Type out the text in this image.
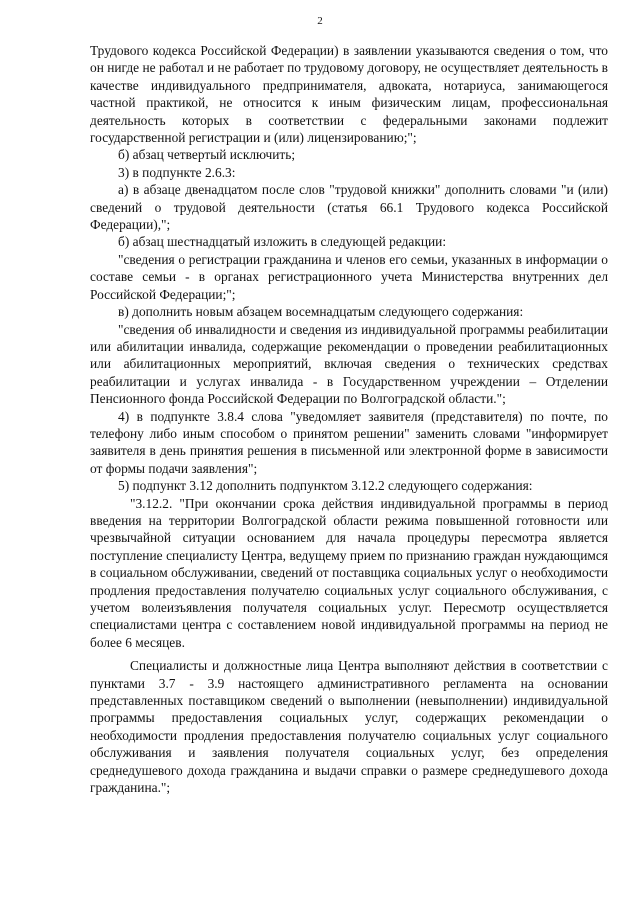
2

Трудового кодекса Российской Федерации) в заявлении указываются сведения о том, что он нигде не работал и не работает по трудовому договору, не осуществляет деятельность в качестве индивидуального предпринимателя, адвоката, нотариуса, занимающегося частной практикой, не относится к иным физическим лицам, профессиональная деятельность которых в соответствии с федеральными законами подлежит государственной регистрации и (или) лицензированию;";

б) абзац четвертый исключить;

3) в подпункте 2.6.3:

а) в абзаце двенадцатом после слов "трудовой книжки" дополнить словами "и (или) сведений о трудовой деятельности (статья 66.1 Трудового кодекса Российской Федерации),";

б) абзац шестнадцатый изложить в следующей редакции:

"сведения о регистрации гражданина и членов его семьи, указанных в информации о составе семьи - в органах регистрационного учета Министерства внутренних дел Российской Федерации;";

в) дополнить новым абзацем восемнадцатым следующего содержания:

"сведения об инвалидности и сведения из индивидуальной программы реабилитации или абилитации инвалида, содержащие рекомендации о проведении реабилитационных или абилитационных мероприятий, включая сведения о технических средствах реабилитации и услугах инвалида - в Государственном учреждении – Отделении Пенсионного фонда Российской Федерации по Волгоградской области.";

4) в подпункте 3.8.4 слова "уведомляет заявителя (представителя) по почте, по телефону либо иным способом о принятом решении" заменить словами "информирует заявителя в день принятия решения в письменной или электронной форме в зависимости от формы подачи заявления";

5) подпункт 3.12 дополнить подпунктом 3.12.2 следующего содержания:

"3.12.2. "При окончании срока действия индивидуальной программы в период введения на территории Волгоградской области режима повышенной готовности или чрезвычайной ситуации основанием для начала процедуры пересмотра является поступление специалисту Центра, ведущему прием по признанию граждан нуждающимся в социальном обслуживании, сведений от поставщика социальных услуг о необходимости продления предоставления получателю социальных услуг социального обслуживания, с учетом волеизъявления получателя социальных услуг. Пересмотр осуществляется специалистами центра с составлением новой индивидуальной программы на период не более 6 месяцев.

Специалисты и должностные лица Центра выполняют действия в соответствии с пунктами 3.7 - 3.9 настоящего административного регламента на основании представленных поставщиком сведений о выполнении (невыполнении) индивидуальной программы предоставления социальных услуг, содержащих рекомендации о необходимости продления предоставления получателю социальных услуг социального обслуживания и заявления получателя социальных услуг, без определения среднедушевого дохода гражданина и выдачи справки о размере среднедушевого дохода гражданина.";
